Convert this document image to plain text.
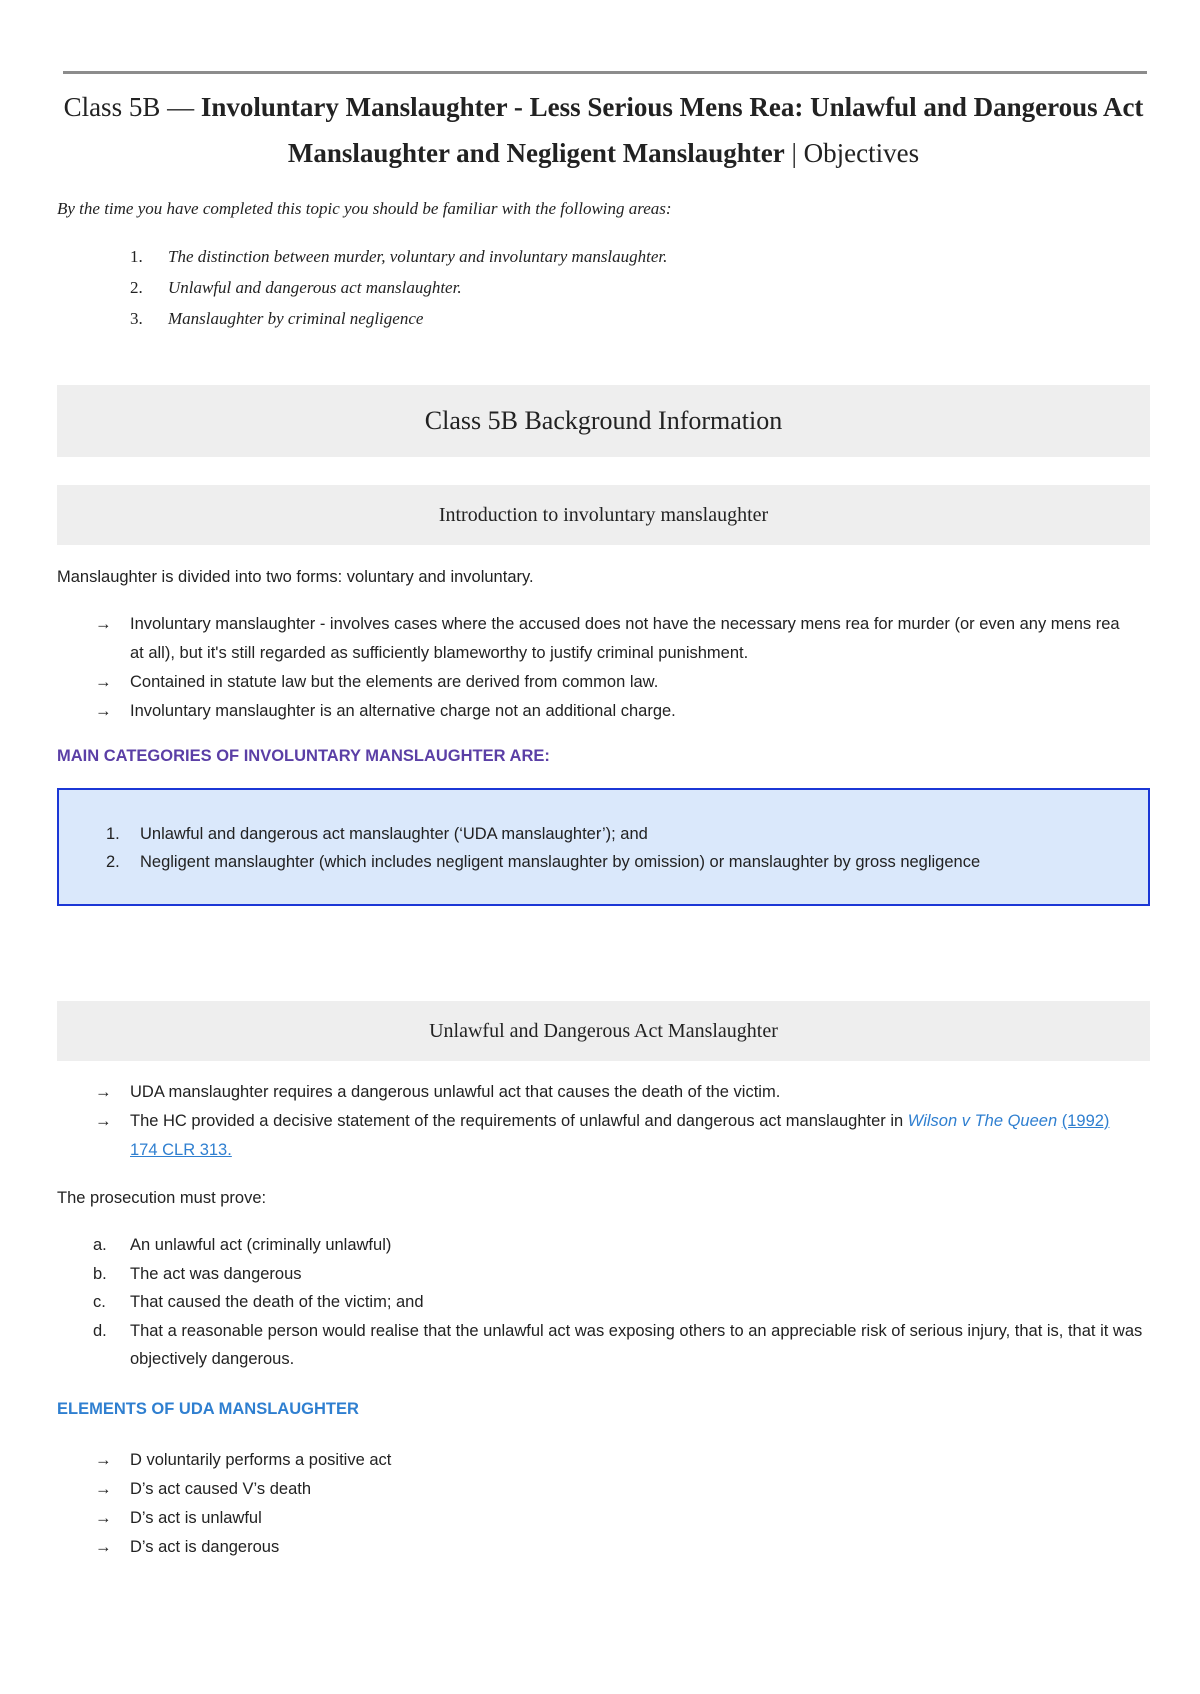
Class 5B — Involuntary Manslaughter - Less Serious Mens Rea: Unlawful and Dangerous Act Manslaughter and Negligent Manslaughter | Objectives
By the time you have completed this topic you should be familiar with the following areas:
1.	The distinction between murder, voluntary and involuntary manslaughter.
2.	Unlawful and dangerous act manslaughter.
3.	Manslaughter by criminal negligence
Class 5B Background Information
Introduction to involuntary manslaughter
Manslaughter is divided into two forms: voluntary and involuntary.
→	Involuntary manslaughter - involves cases where the accused does not have the necessary mens rea for murder (or even any mens rea at all), but it's still regarded as sufficiently blameworthy to justify criminal punishment.
→	Contained in statute law but the elements are derived from common law.
→	Involuntary manslaughter is an alternative charge not an additional charge.
MAIN CATEGORIES OF INVOLUNTARY MANSLAUGHTER ARE:
1.	Unlawful and dangerous act manslaughter (‘UDA manslaughter’); and
2.	Negligent manslaughter (which includes negligent manslaughter by omission) or manslaughter by gross negligence
Unlawful and Dangerous Act Manslaughter
→	UDA manslaughter requires a dangerous unlawful act that causes the death of the victim.
→	The HC provided a decisive statement of the requirements of unlawful and dangerous act manslaughter in Wilson v The Queen (1992) 174 CLR 313.
The prosecution must prove:
a.	An unlawful act (criminally unlawful)
b.	The act was dangerous
c.	That caused the death of the victim; and
d.	That a reasonable person would realise that the unlawful act was exposing others to an appreciable risk of serious injury, that is, that it was objectively dangerous.
ELEMENTS OF UDA MANSLAUGHTER
→	D voluntarily performs a positive act
→	D’s act caused V’s death
→	D’s act is unlawful
→	D’s act is dangerous
